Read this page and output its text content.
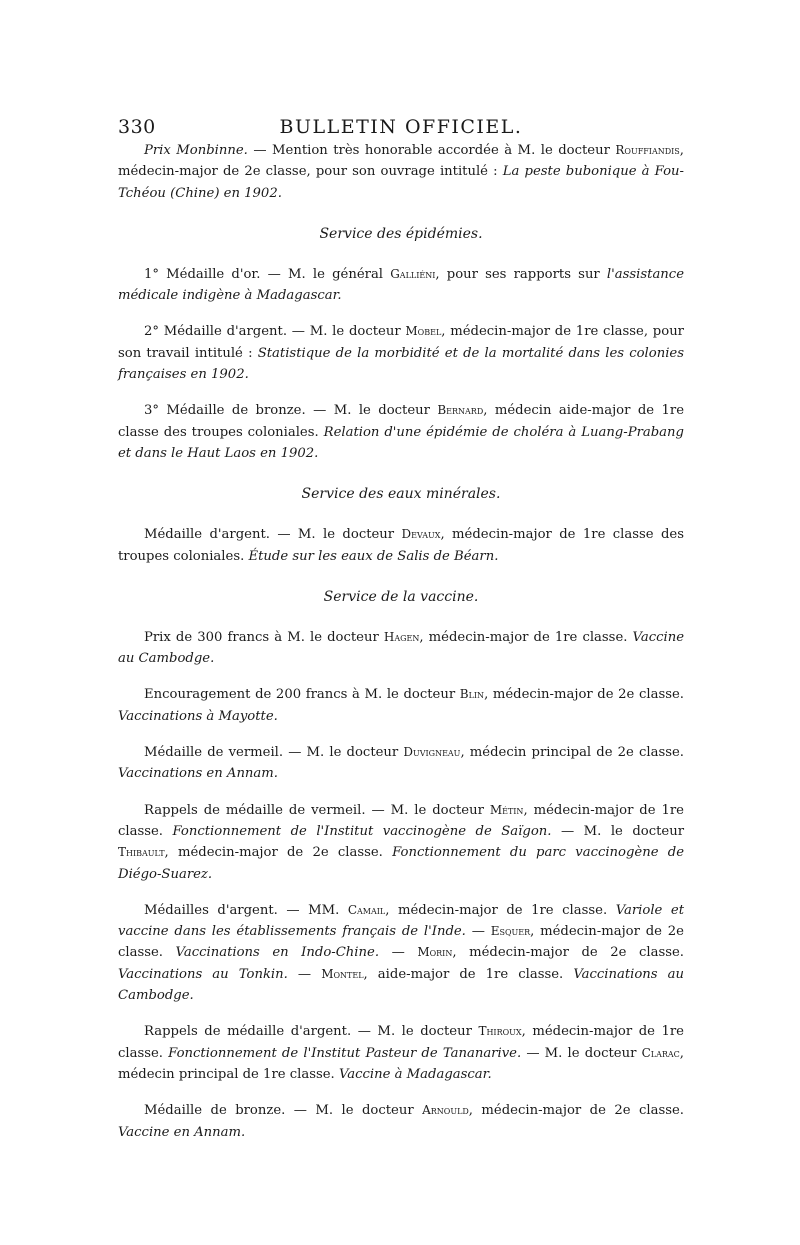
330	BULLETIN OFFICIEL.

Prix Monbinne. — Mention très honorable accordée à M. le docteur Rouffiandis, médecin-major de 2e classe, pour son ouvrage intitulé : La peste bubonique à Fou-Tchéou (Chine) en 1902.

Service des épidémies.

1° Médaille d'or. — M. le général Galliéni, pour ses rapports sur l'assistance médicale indigène à Madagascar.

2° Médaille d'argent. — M. le docteur Mobel, médecin-major de 1re classe, pour son travail intitulé : Statistique de la morbidité et de la mortalité dans les colonies françaises en 1902.

3° Médaille de bronze. — M. le docteur Bernard, médecin aide-major de 1re classe des troupes coloniales. Relation d'une épidémie de choléra à Luang-Prabang et dans le Haut Laos en 1902.

Service des eaux minérales.

Médaille d'argent. — M. le docteur Devaux, médecin-major de 1re classe des troupes coloniales. Étude sur les eaux de Salis de Béarn.

Service de la vaccine.

Prix de 300 francs à M. le docteur Hagen, médecin-major de 1re classe. Vaccine au Cambodge.

Encouragement de 200 francs à M. le docteur Blin, médecin-major de 2e classe. Vaccinations à Mayotte.

Médaille de vermeil. — M. le docteur Duvigneau, médecin principal de 2e classe. Vaccinations en Annam.

Rappels de médaille de vermeil. — M. le docteur Métin, médecin-major de 1re classe. Fonctionnement de l'Institut vaccinogène de Saïgon. — M. le docteur Thibault, médecin-major de 2e classe. Fonctionnement du parc vaccinogène de Diégo-Suarez.

Médailles d'argent. — MM. Camail, médecin-major de 1re classe. Variole et vaccine dans les établissements français de l'Inde. — Esquer, médecin-major de 2e classe. Vaccinations en Indo-Chine. — Morin, médecin-major de 2e classe. Vaccinations au Tonkin. — Montel, aide-major de 1re classe. Vaccinations au Cambodge.

Rappels de médaille d'argent. — M. le docteur Thiroux, médecin-major de 1re classe. Fonctionnement de l'Institut Pasteur de Tananarive. — M. le docteur Clarac, médecin principal de 1re classe. Vaccine à Madagascar.

Médaille de bronze. — M. le docteur Arnould, médecin-major de 2e classe. Vaccine en Annam.
